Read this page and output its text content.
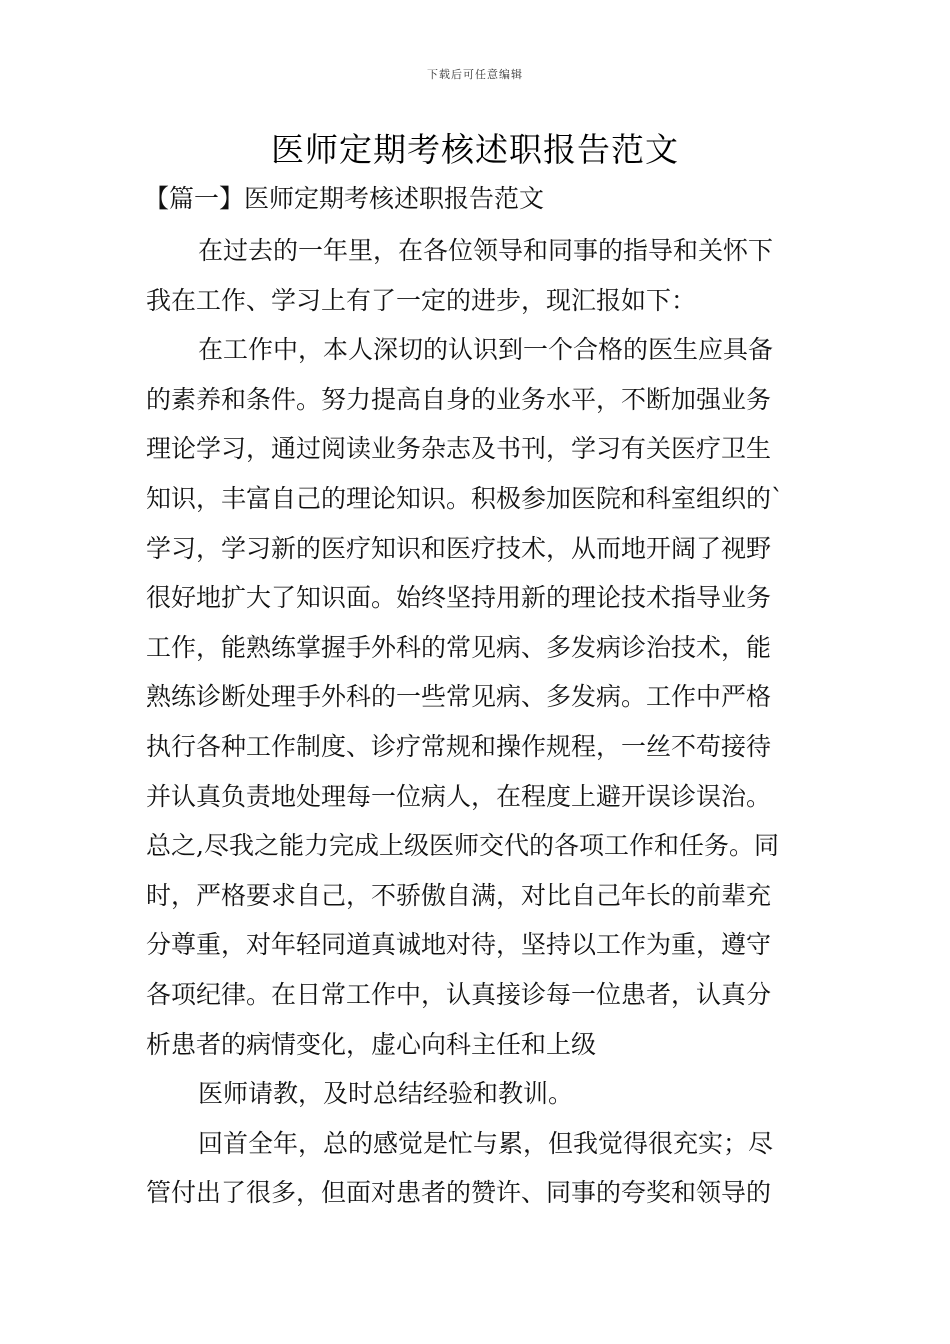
下载后可任意编辑
医师定期考核述职报告范文
【篇一】医师定期考核述职报告范文
在过去的一年里，在各位领导和同事的指导和关怀下
我在工作、学习上有了一定的进步，现汇报如下：
在工作中，本人深切的认识到一个合格的医生应具备
的素养和条件。努力提高自身的业务水平，不断加强业务
理论学习，通过阅读业务杂志及书刊，学习有关医疗卫生
知识，丰富自己的理论知识。积极参加医院和科室组织的`
学习，学习新的医疗知识和医疗技术，从而地开阔了视野
很好地扩大了知识面。始终坚持用新的理论技术指导业务
工作，能熟练掌握手外科的常见病、多发病诊治技术，能
熟练诊断处理手外科的一些常见病、多发病。工作中严格
执行各种工作制度、诊疗常规和操作规程，一丝不苟接待
并认真负责地处理每一位病人，在程度上避开误诊误治。
总之,尽我之能力完成上级医师交代的各项工作和任务。同
时，严格要求自己，不骄傲自满，对比自己年长的前辈充
分尊重，对年轻同道真诚地对待，坚持以工作为重，遵守
各项纪律。在日常工作中，认真接诊每一位患者，认真分
析患者的病情变化，虚心向科主任和上级
医师请教，及时总结经验和教训。
回首全年，总的感觉是忙与累，但我觉得很充实；尽
管付出了很多，但面对患者的赞许、同事的夸奖和领导的
